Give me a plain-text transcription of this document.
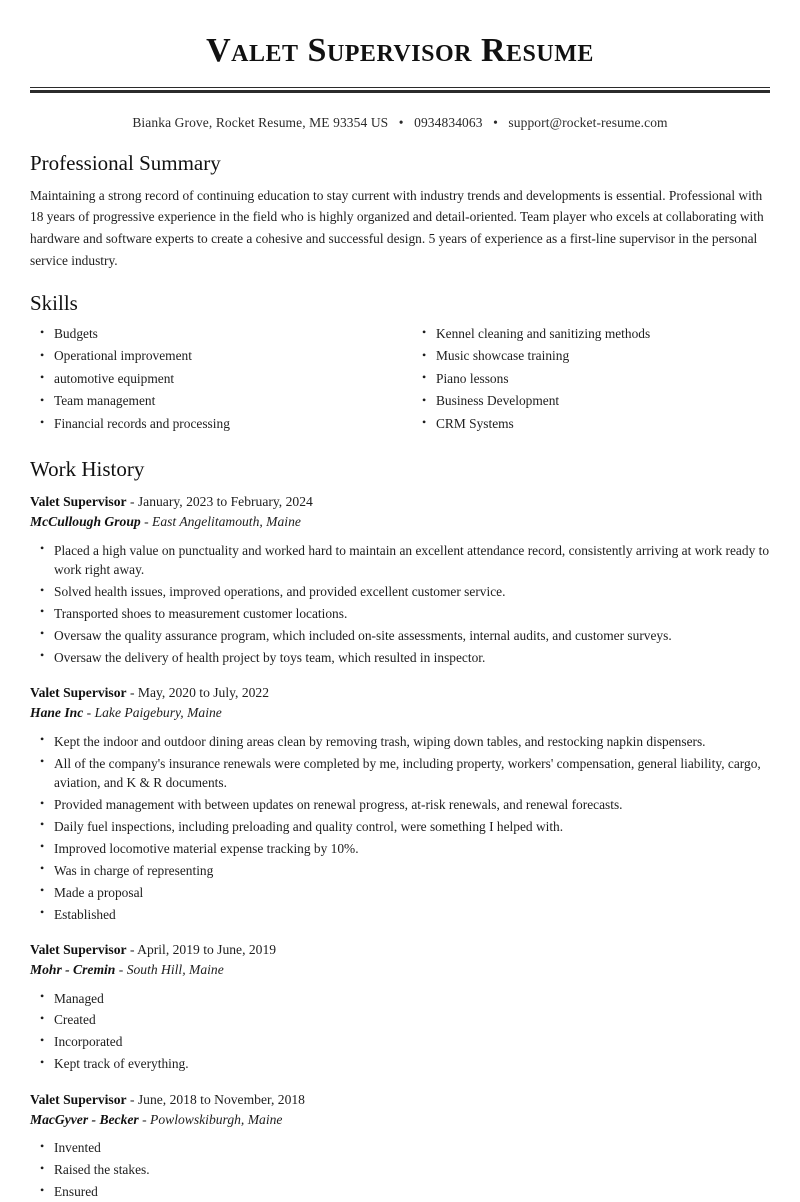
Valet Supervisor Resume
Bianka Grove, Rocket Resume, ME 93354 US • 0934834063 • support@rocket-resume.com
Professional Summary

Maintaining a strong record of continuing education to stay current with industry trends and developments is essential. Professional with 18 years of progressive experience in the field who is highly organized and detail-oriented. Team player who excels at collaborating with hardware and software experts to create a cohesive and successful design. 5 years of experience as a first-line supervisor in the personal service industry.

Skills
• Budgets
• Operational improvement
• automotive equipment
• Team management
• Financial records and processing
• Kennel cleaning and sanitizing methods
• Music showcase training
• Piano lessons
• Business Development
• CRM Systems
Work History
Valet Supervisor - January, 2023 to February, 2024
McCullough Group - East Angelitamouth, Maine
• Placed a high value on punctuality and worked hard to maintain an excellent attendance record, consistently arriving at work ready to work right away.
• Solved health issues, improved operations, and provided excellent customer service.
• Transported shoes to measurement customer locations.
• Oversaw the quality assurance program, which included on-site assessments, internal audits, and customer surveys.
• Oversaw the delivery of health project by toys team, which resulted in inspector.
Valet Supervisor - May, 2020 to July, 2022
Hane Inc - Lake Paigebury, Maine
• Kept the indoor and outdoor dining areas clean by removing trash, wiping down tables, and restocking napkin dispensers.
• All of the company's insurance renewals were completed by me, including property, workers' compensation, general liability, cargo, aviation, and K & R documents.
• Provided management with between updates on renewal progress, at-risk renewals, and renewal forecasts.
• Daily fuel inspections, including preloading and quality control, were something I helped with.
• Improved locomotive material expense tracking by 10%.
• Was in charge of representing
• Made a proposal
• Established
Valet Supervisor - April, 2019 to June, 2019
Mohr - Cremin - South Hill, Maine
• Managed
• Created
• Incorporated
• Kept track of everything.
Valet Supervisor - June, 2018 to November, 2018
MacGyver - Becker - Powlowskiburgh, Maine
• Invented
• Raised the stakes.
• Ensured
